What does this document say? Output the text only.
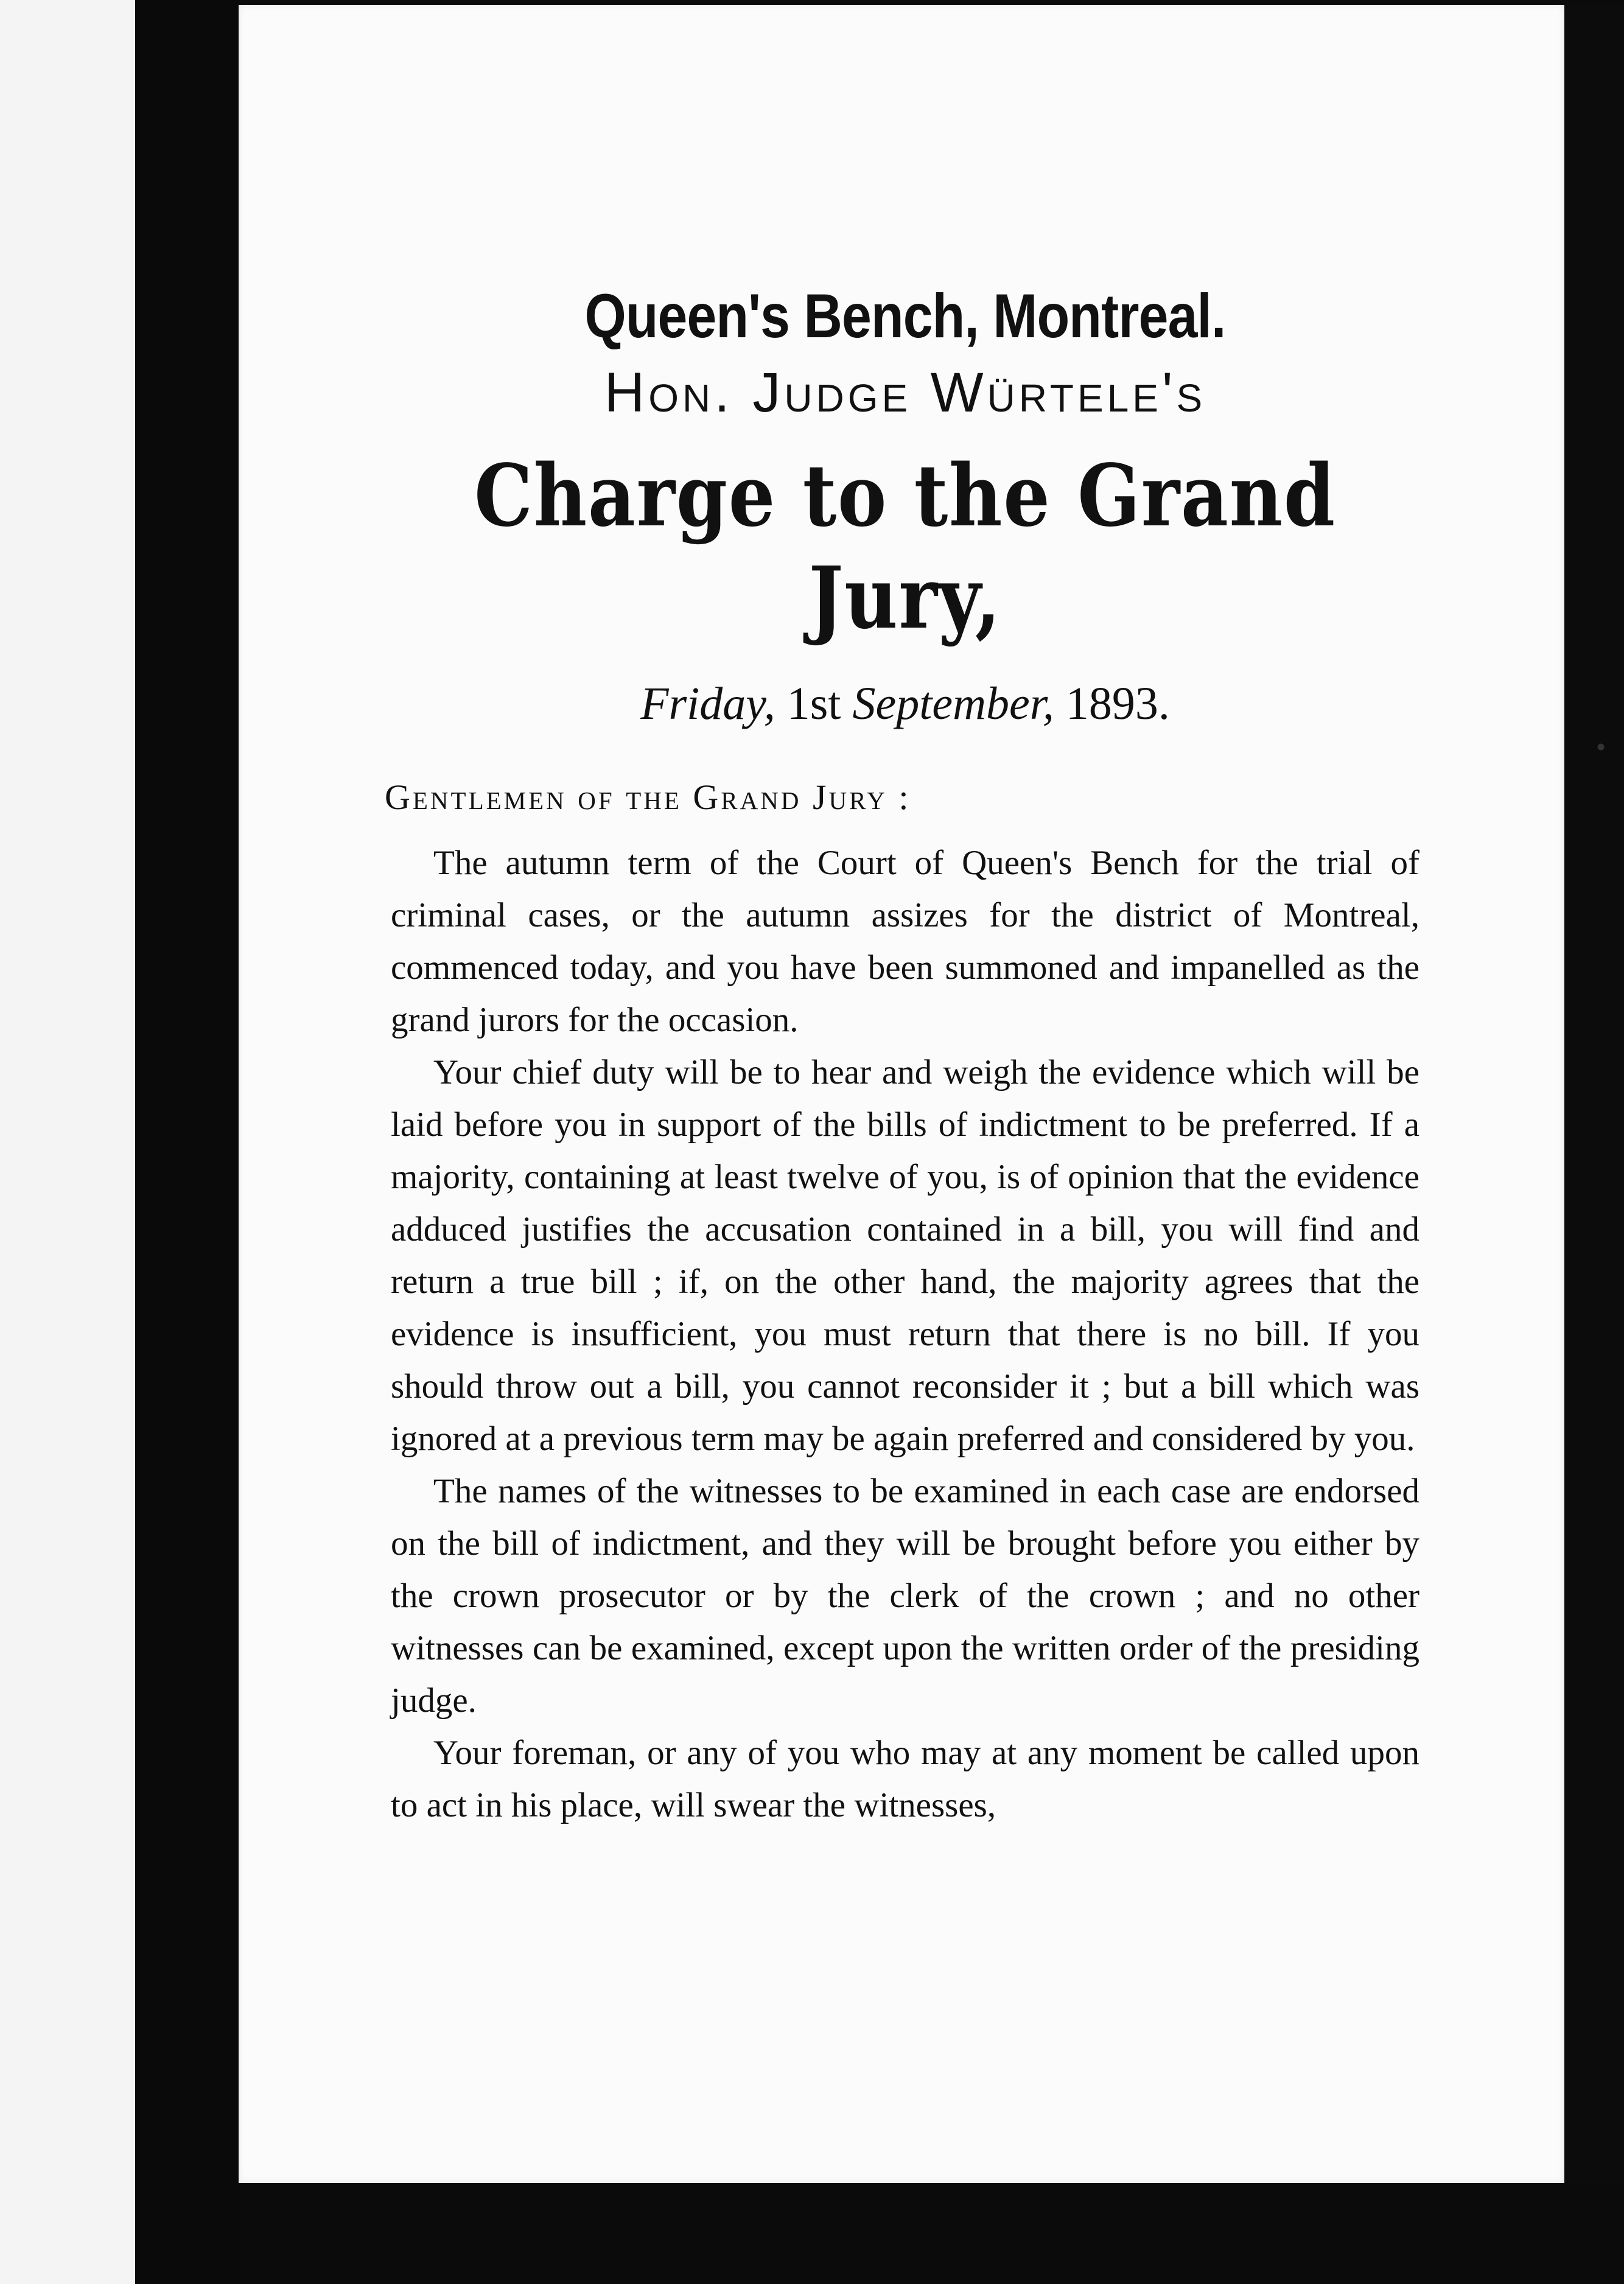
Queen's Bench, Montreal.
Hon. Judge Würtele's
Charge to the Grand Jury,
Friday, 1st September, 1893.
Gentlemen of the Grand Jury :

The autumn term of the Court of Queen's Bench for the trial of criminal cases, or the autumn assizes for the district of Montreal, commenced today, and you have been summoned and impanelled as the grand jurors for the occasion.

Your chief duty will be to hear and weigh the evidence which will be laid before you in support of the bills of indictment to be preferred. If a majority, containing at least twelve of you, is of opinion that the evidence adduced justifies the accusation contained in a bill, you will find and return a true bill ; if, on the other hand, the majority agrees that the evidence is insufficient, you must return that there is no bill. If you should throw out a bill, you cannot reconsider it ; but a bill which was ignored at a previous term may be again preferred and considered by you.

The names of the witnesses to be examined in each case are endorsed on the bill of indictment, and they will be brought before you either by the crown prosecutor or by the clerk of the crown ; and no other witnesses can be examined, except upon the written order of the presiding judge.

Your foreman, or any of you who may at any moment be called upon to act in his place, will swear the witnesses,

•
